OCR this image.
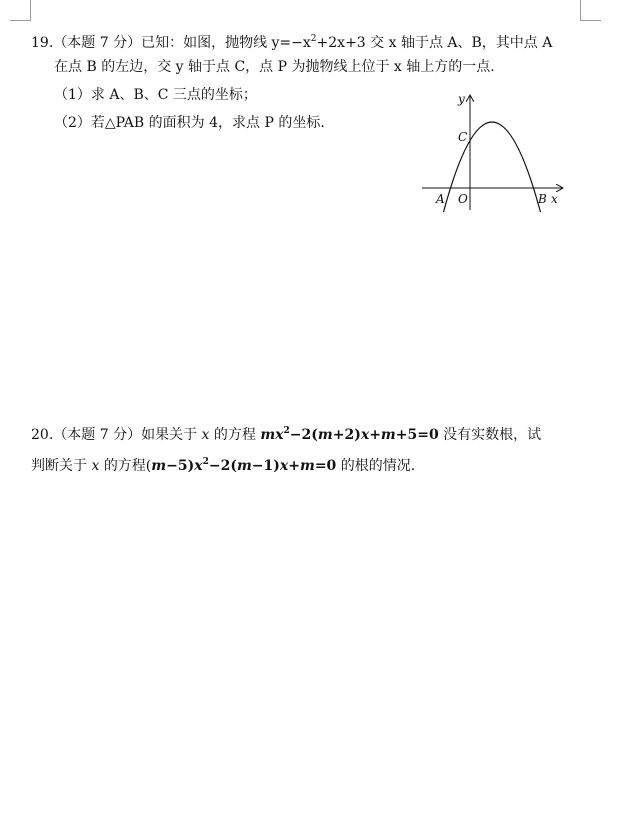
19.（本题 7 分）已知：如图，抛物线 $y=-x^2+2x+3$ 交 x 轴于点 A、B，其中点 A
在点 B 的左边，交 y 轴于点 C，点 P 为抛物线上位于 x 轴上方的一点.
（1）求 A、B、C 三点的坐标；
（2）若△PAB 的面积为 4，求点 P 的坐标.
y
x
A O	B
C
20.（本题 7 分）如果关于 x 的方程 $mx^2-2(m+2)x+m+5=0$ 没有实数根，试
判断关于 x 的方程$(m-5)x^2-2(m-1)x+m=0$ 的根的情况.
